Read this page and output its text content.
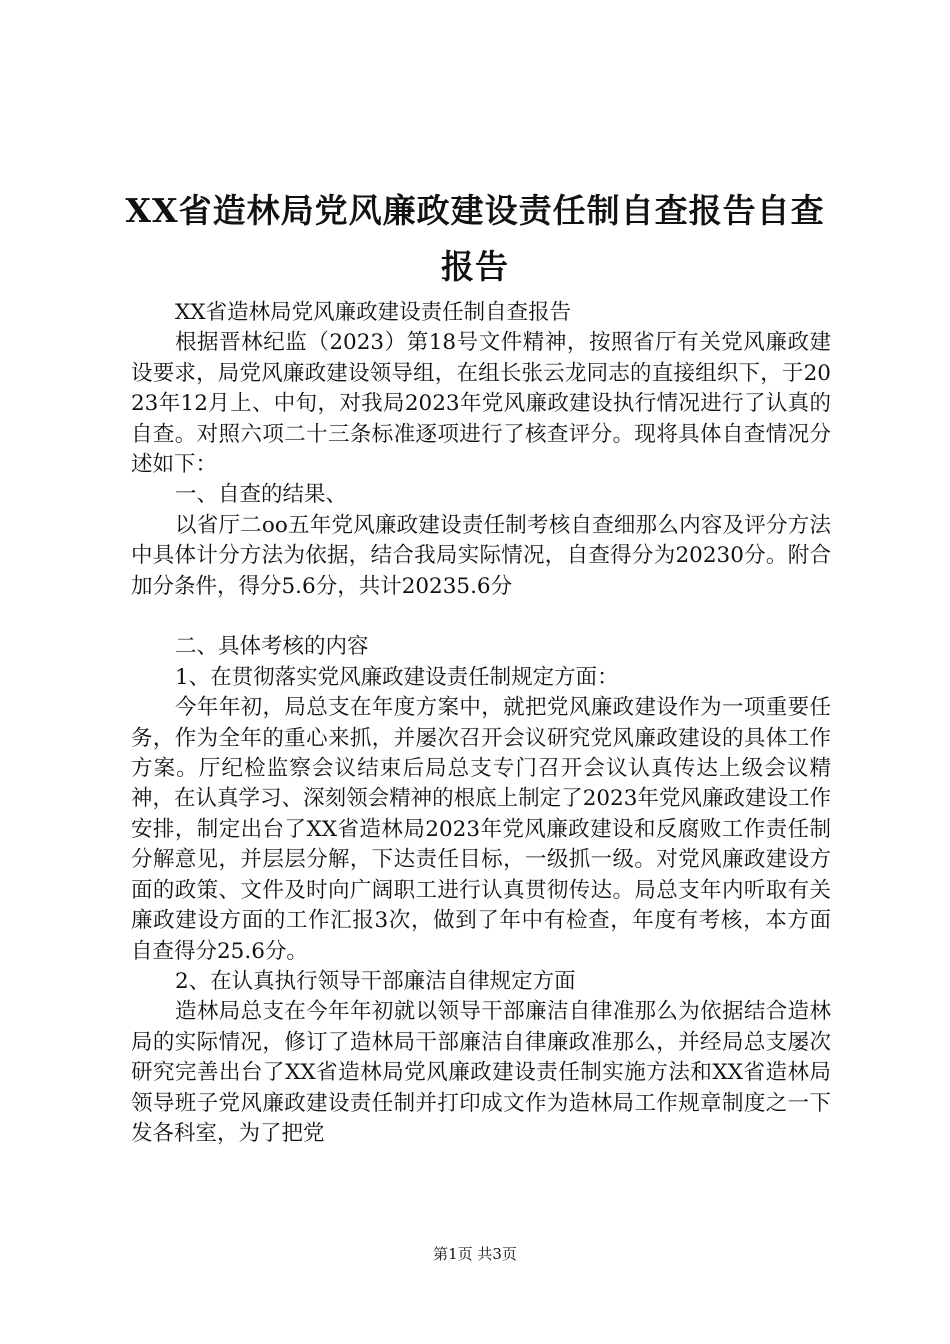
XX省造林局党风廉政建设责任制自查报告自查报告

XX省造林局党风廉政建设责任制自查报告

根据晋林纪监（2023）第18号文件精神，按照省厅有关党风廉政建设要求，局党风廉政建设领导组，在组长张云龙同志的直接组织下，于2023年12月上、中旬，对我局2023年党风廉政建设执行情况进行了认真的自查。对照六项二十三条标准逐项进行了核查评分。现将具体自查情况分述如下：

一、自查的结果、

以省厅二oo五年党风廉政建设责任制考核自查细那么内容及评分方法中具体计分方法为依据，结合我局实际情况，自查得分为20230分。附合加分条件，得分5.6分，共计20235.6分

二、具体考核的内容

1、在贯彻落实党风廉政建设责任制规定方面：

今年年初，局总支在年度方案中，就把党风廉政建设作为一项重要任务，作为全年的重心来抓，并屡次召开会议研究党风廉政建设的具体工作方案。厅纪检监察会议结束后局总支专门召开会议认真传达上级会议精神，在认真学习、深刻领会精神的根底上制定了2023年党风廉政建设工作安排，制定出台了XX省造林局2023年党风廉政建设和反腐败工作责任制分解意见，并层层分解，下达责任目标，一级抓一级。对党风廉政建设方面的政策、文件及时向广阔职工进行认真贯彻传达。局总支年内听取有关廉政建设方面的工作汇报3次，做到了年中有检查，年度有考核，本方面自查得分25.6分。

2、在认真执行领导干部廉洁自律规定方面

造林局总支在今年年初就以领导干部廉洁自律准那么为依据结合造林局的实际情况，修订了造林局干部廉洁自律廉政准那么，并经局总支屡次研究完善出台了XX省造林局党风廉政建设责任制实施方法和XX省造林局领导班子党风廉政建设责任制并打印成文作为造林局工作规章制度之一下发各科室，为了把党

第1页 共3页
